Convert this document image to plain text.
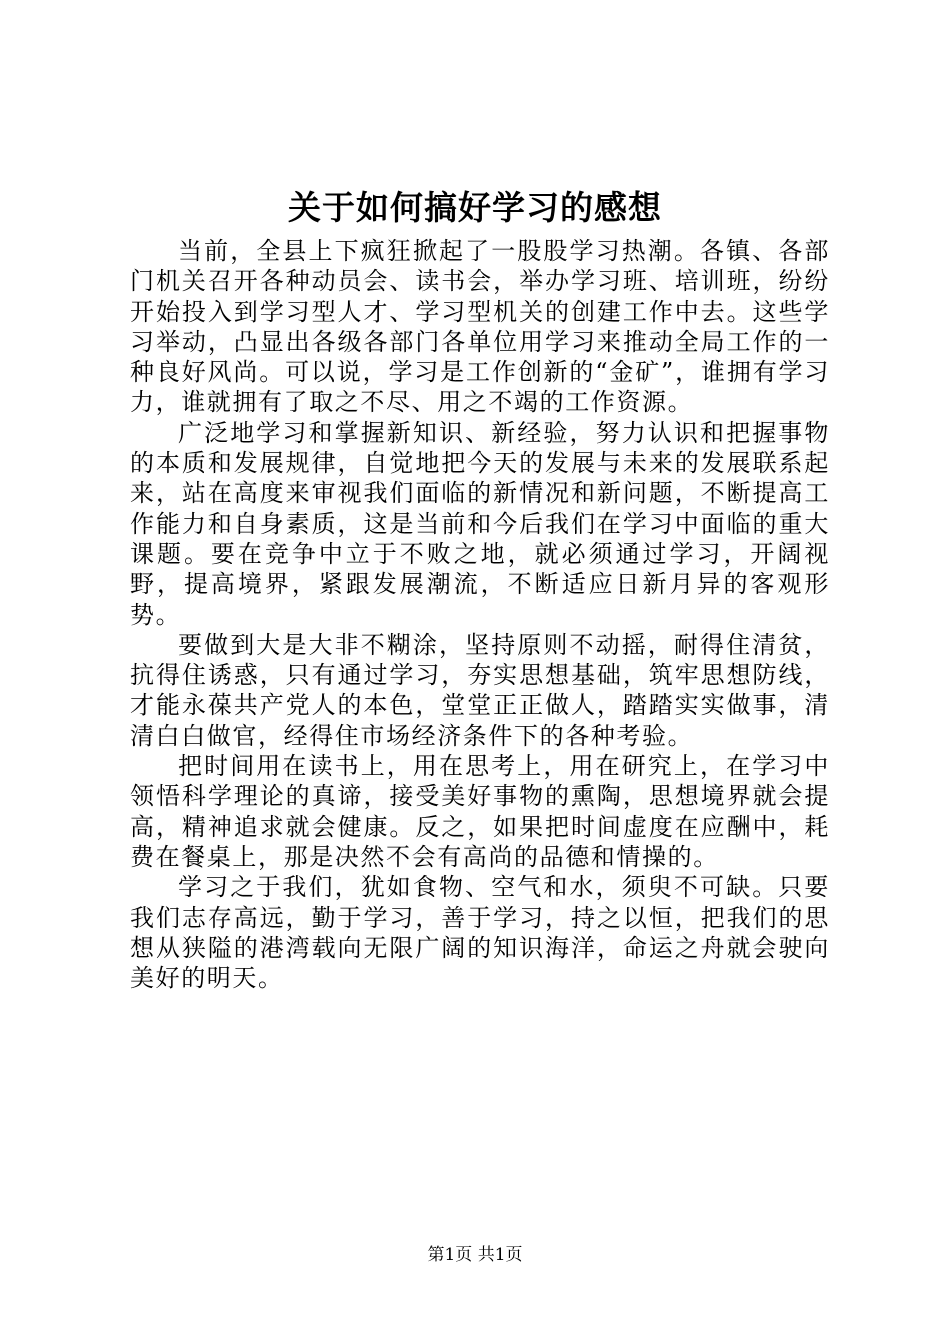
关于如何搞好学习的感想

当前，全县上下疯狂掀起了一股股学习热潮。各镇、各部门机关召开各种动员会、读书会，举办学习班、培训班，纷纷开始投入到学习型人才、学习型机关的创建工作中去。这些学习举动，凸显出各级各部门各单位用学习来推动全局工作的一种良好风尚。可以说，学习是工作创新的“金矿”，谁拥有学习力，谁就拥有了取之不尽、用之不竭的工作资源。

广泛地学习和掌握新知识、新经验，努力认识和把握事物的本质和发展规律，自觉地把今天的发展与未来的发展联系起来，站在高度来审视我们面临的新情况和新问题，不断提高工作能力和自身素质，这是当前和今后我们在学习中面临的重大课题。要在竞争中立于不败之地，就必须通过学习，开阔视野，提高境界，紧跟发展潮流，不断适应日新月异的客观形势。

要做到大是大非不糊涂，坚持原则不动摇，耐得住清贫，抗得住诱惑，只有通过学习，夯实思想基础，筑牢思想防线，才能永葆共产党人的本色，堂堂正正做人，踏踏实实做事，清清白白做官，经得住市场经济条件下的各种考验。

把时间用在读书上，用在思考上，用在研究上，在学习中领悟科学理论的真谛，接受美好事物的熏陶，思想境界就会提高，精神追求就会健康。反之，如果把时间虚度在应酬中，耗费在餐桌上，那是决然不会有高尚的品德和情操的。

学习之于我们，犹如食物、空气和水，须臾不可缺。只要我们志存高远，勤于学习，善于学习，持之以恒，把我们的思想从狭隘的港湾载向无限广阔的知识海洋，命运之舟就会驶向美好的明天。

第1页 共1页
